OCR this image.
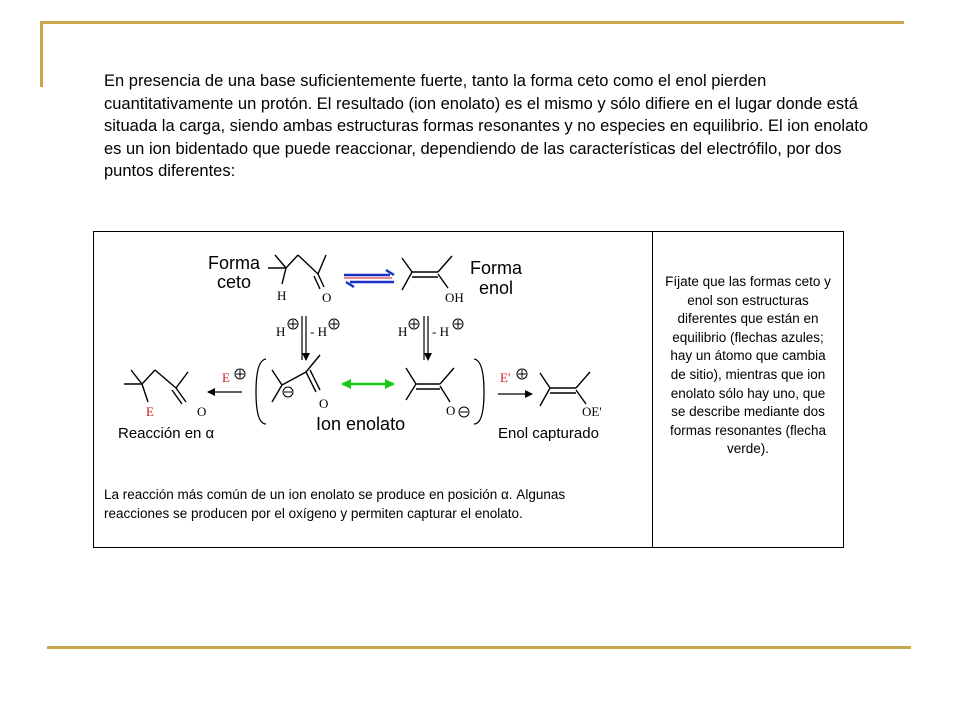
En presencia de una base suficientemente fuerte, tanto la forma ceto como el enol pierden cuantitativamente un protón. El resultado (ion enolato) es el mismo y sólo difiere en el lugar donde está situada la carga, siendo ambas estructuras formas resonantes y no especies en equilibrio. El ion enolato es un ion bidentado que puede reaccionar, dependiendo de las características del electrófilo, por dos puntos diferentes:

Forma
ceto
H	O	OH
Forma
enol
H - H	H - H
E	O
Reacción en α
E
O	O
Ion enolato
E'
OE'
Enol capturado

La reacción más común de un ion enolato se produce en posición α. Algunas reacciones se producen por el oxígeno y permiten capturar el enolato.

Fíjate que las formas ceto y enol son estructuras diferentes que están en equilibrio (flechas azules; hay un átomo que cambia de sitio), mientras que ion enolato sólo hay uno, que se describe mediante dos formas resonantes (flecha verde).
